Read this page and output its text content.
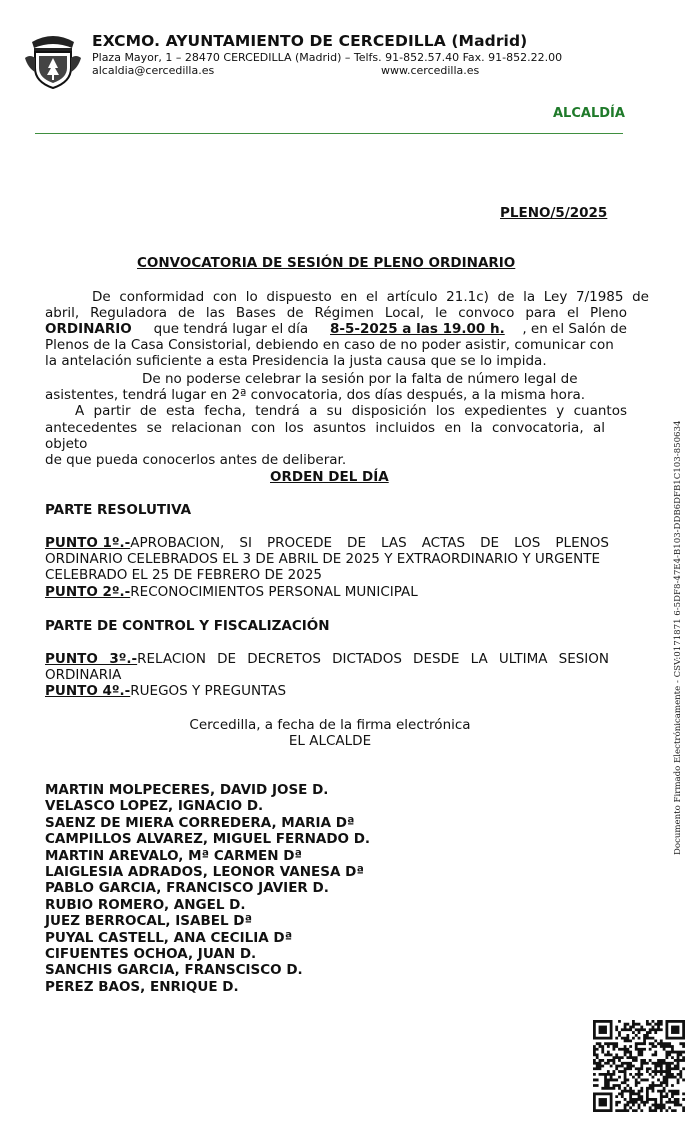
EXCMO. AYUNTAMIENTO DE CERCEDILLA (Madrid)
Plaza Mayor, 1 – 28470 CERCEDILLA (Madrid) – Telfs. 91-852.57.40 Fax. 91-852.22.00
alcaldia@cercedilla.es	www.cercedilla.es
ALCALDÍA
PLENO/5/2025
CONVOCATORIA DE SESIÓN DE PLENO ORDINARIO
De conformidad con lo dispuesto en el artículo 21.1c) de la Ley 7/1985 de
abril, Reguladora de las Bases de Régimen Local, le convoco para el Pleno
ORDINARIO que tendrá lugar el día 8-5-2025 a las 19.00 h. , en el Salón de
Plenos de la Casa Consistorial, debiendo en caso de no poder asistir, comunicar con
la antelación suficiente a esta Presidencia la justa causa que se lo impida.
De no poderse celebrar la sesión por la falta de número legal de
asistentes, tendrá lugar en 2ª convocatoria, dos días después, a la misma hora.
A partir de esta fecha, tendrá a su disposición los expedientes y cuantos
antecedentes se relacionan con los asuntos incluidos en la convocatoria, al
objeto
de que pueda conocerlos antes de deliberar.
ORDEN DEL DÍA
PARTE RESOLUTIVA
PUNTO 1º.-APROBACION, SI PROCEDE DE LAS ACTAS DE LOS PLENOS
ORDINARIO CELEBRADOS EL 3 DE ABRIL DE 2025 Y EXTRAORDINARIO Y URGENTE
CELEBRADO EL 25 DE FEBRERO DE 2025
PUNTO 2º.-RECONOCIMIENTOS PERSONAL MUNICIPAL
PARTE DE CONTROL Y FISCALIZACIÓN
PUNTO 3º.-RELACION DE DECRETOS DICTADOS DESDE LA ULTIMA SESION
ORDINARIA
PUNTO 4º.-RUEGOS Y PREGUNTAS
Cercedilla, a fecha de la firma electrónica
EL ALCALDE
MARTIN MOLPECERES, DAVID JOSE D.
VELASCO LOPEZ, IGNACIO D.
SAENZ DE MIERA CORREDERA, MARIA Dª
CAMPILLOS ALVAREZ, MIGUEL FERNADO D.
MARTIN AREVALO, Mª CARMEN Dª
LAIGLESIA ADRADOS, LEONOR VANESA Dª
PABLO GARCIA, FRANCISCO JAVIER D.
RUBIO ROMERO, ANGEL D.
JUEZ BERROCAL, ISABEL Dª
PUYAL CASTELL, ANA CECILIA Dª
CIFUENTES OCHOA, JUAN D.
SANCHIS GARCIA, FRANSCISCO D.
PEREZ BAOS, ENRIQUE D.
Documento Firmado Electrónicamente - CSV:0171871 6-5DF8-47E4-B103-DDB6DFB1C103-850634
